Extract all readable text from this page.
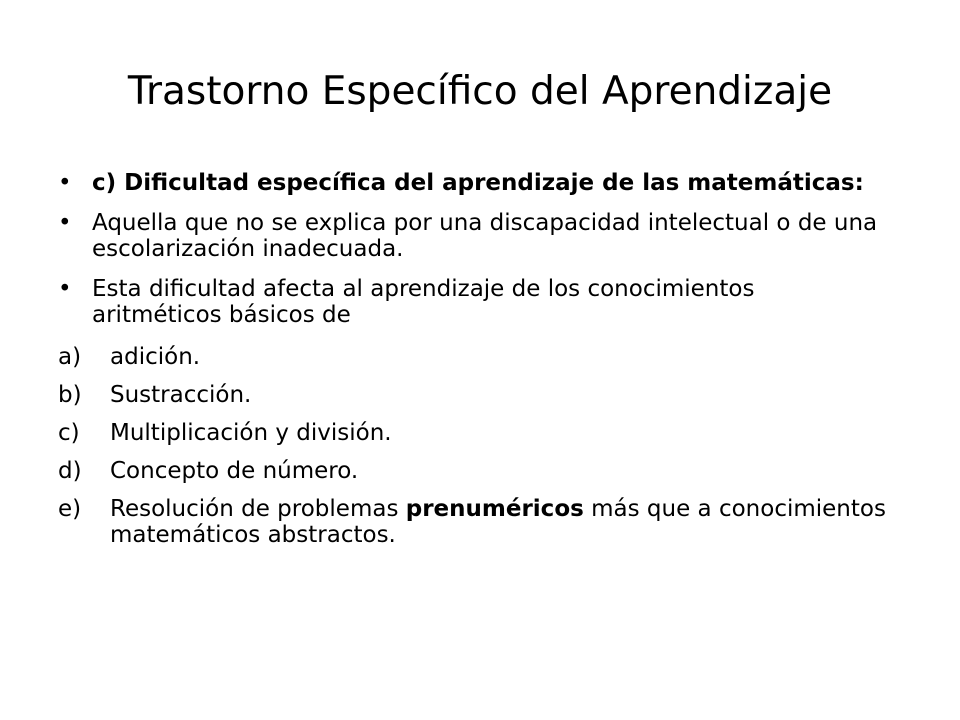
Trastorno Específico del Aprendizaje
• c) Dificultad específica del aprendizaje de las matemáticas:
• Aquella que no se explica por una discapacidad intelectual o de una escolarización inadecuada.
• Esta dificultad afecta al aprendizaje de los conocimientos aritméticos básicos de
a)	adición.
b)	Sustracción.
c)	Multiplicación y división.
d)	Concepto de número.
e)	Resolución de problemas prenuméricos más que a conocimientos matemáticos abstractos.
